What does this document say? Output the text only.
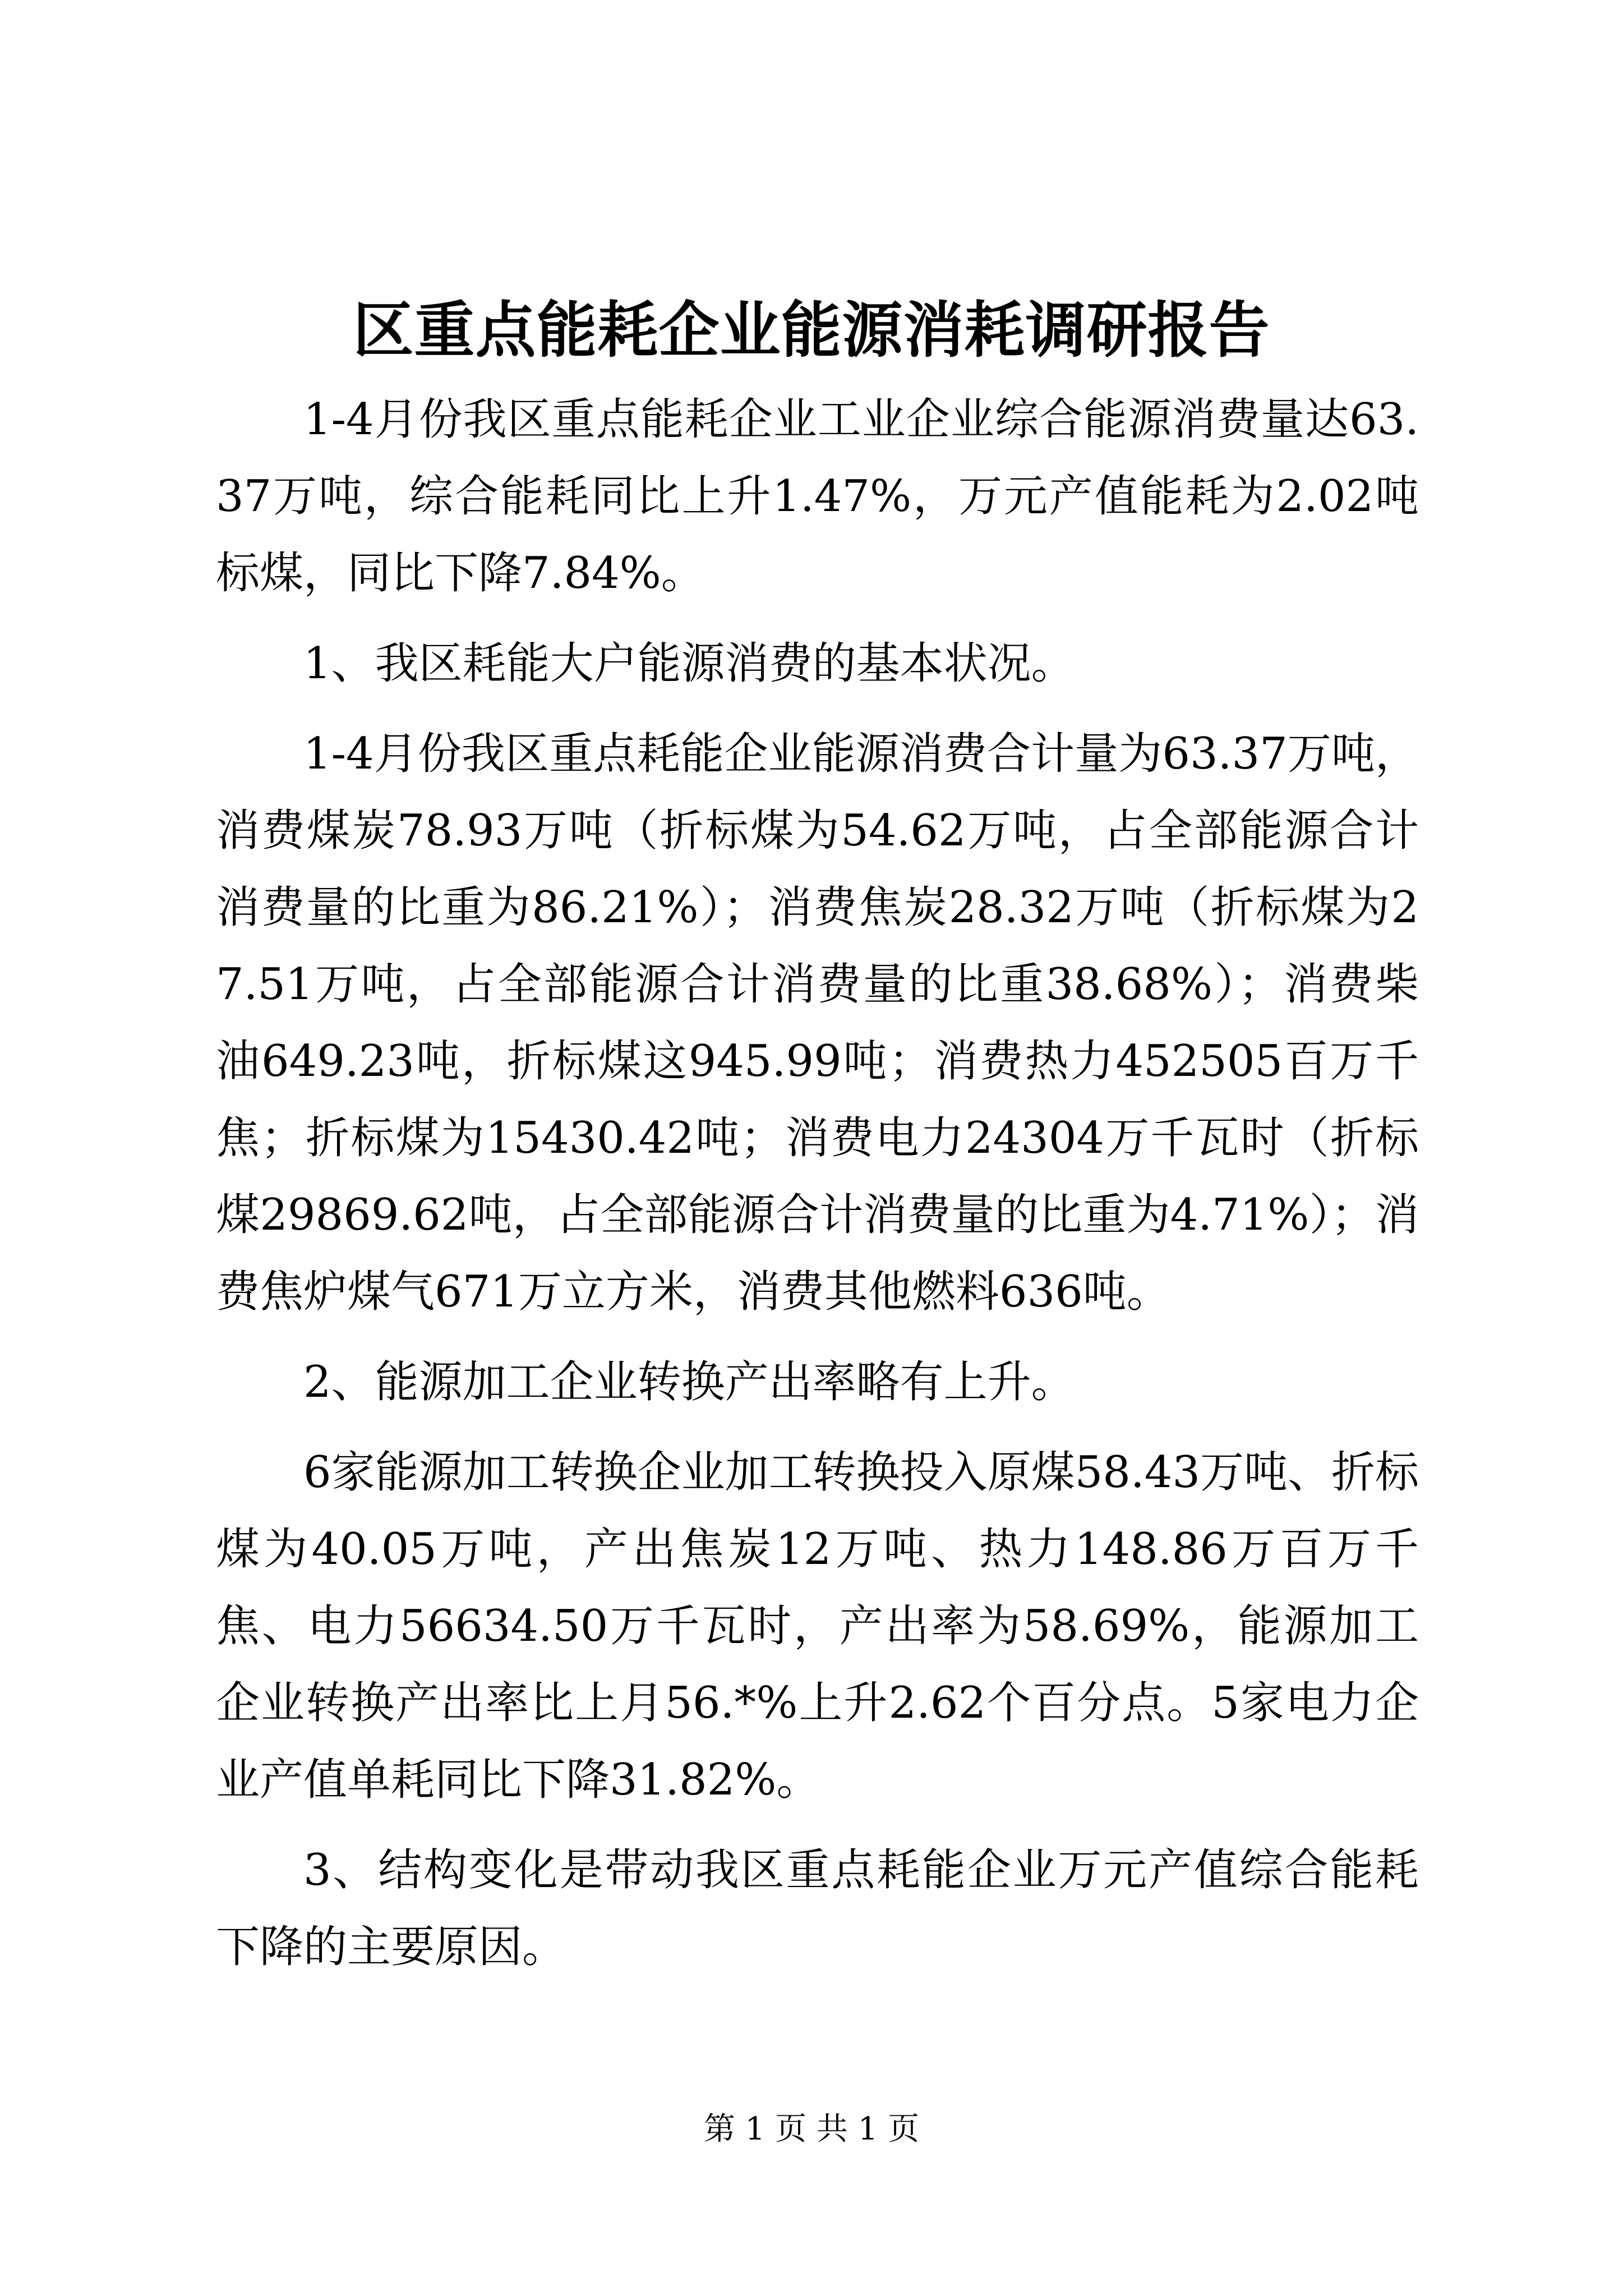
区重点能耗企业能源消耗调研报告

1-4月份我区重点能耗企业工业企业综合能源消费量达63.37万吨，综合能耗同比上升1.47%，万元产值能耗为2.02吨标煤，同比下降7.84%。

1、我区耗能大户能源消费的基本状况。

1-4月份我区重点耗能企业能源消费合计量为63.37万吨，消费煤炭78.93万吨（折标煤为54.62万吨，占全部能源合计消费量的比重为86.21%）；消费焦炭28.32万吨（折标煤为27.51万吨，占全部能源合计消费量的比重38.68%）；消费柴油649.23吨，折标煤这945.99吨；消费热力452505百万千焦；折标煤为15430.42吨；消费电力24304万千瓦时（折标煤29869.62吨，占全部能源合计消费量的比重为4.71%）；消费焦炉煤气671万立方米，消费其他燃料636吨。

2、能源加工企业转换产出率略有上升。

6家能源加工转换企业加工转换投入原煤58.43万吨、折标煤为40.05万吨，产出焦炭12万吨、热力148.86万百万千焦、电力56634.50万千瓦时，产出率为58.69%，能源加工企业转换产出率比上月56.*%上升2.62个百分点。5家电力企业产值单耗同比下降31.82%。

3、结构变化是带动我区重点耗能企业万元产值综合能耗下降的主要原因。

第 1 页 共 1 页
